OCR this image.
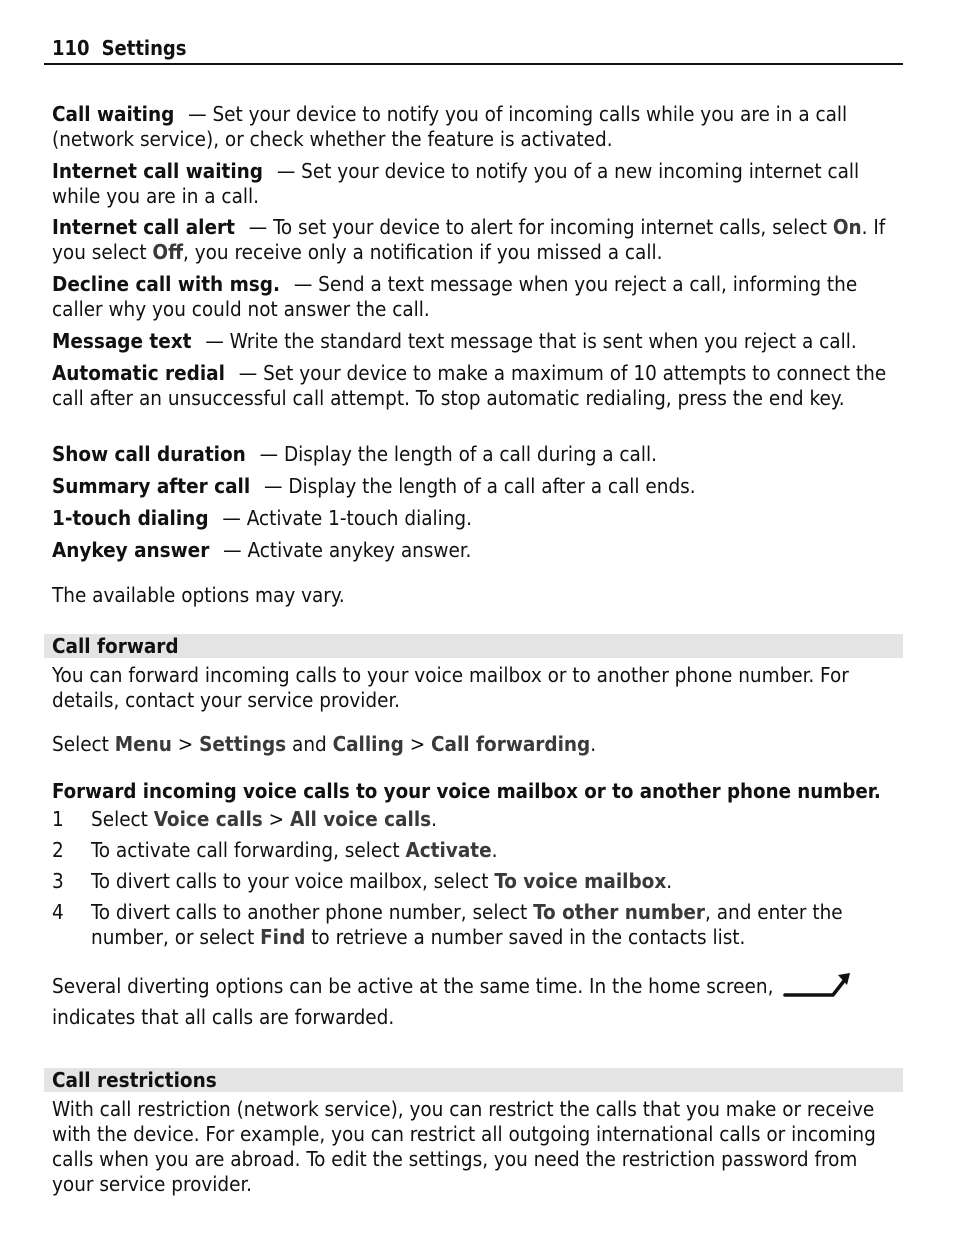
110 Settings
Call waiting — Set your device to notify you of incoming calls while you are in a call (network service), or check whether the feature is activated.
Internet call waiting — Set your device to notify you of a new incoming internet call while you are in a call.
Internet call alert — To set your device to alert for incoming internet calls, select On. If you select Off, you receive only a notification if you missed a call.
Decline call with msg. — Send a text message when you reject a call, informing the caller why you could not answer the call.
Message text — Write the standard text message that is sent when you reject a call.
Automatic redial — Set your device to make a maximum of 10 attempts to connect the call after an unsuccessful call attempt. To stop automatic redialing, press the end key.
Show call duration — Display the length of a call during a call.
Summary after call — Display the length of a call after a call ends.
1-touch dialing — Activate 1-touch dialing.
Anykey answer — Activate anykey answer.
The available options may vary.
Call forward
You can forward incoming calls to your voice mailbox or to another phone number. For details, contact your service provider.
Select Menu > Settings and Calling > Call forwarding.
Forward incoming voice calls to your voice mailbox or to another phone number.
1	Select Voice calls > All voice calls.
2	To activate call forwarding, select Activate.
3	To divert calls to your voice mailbox, select To voice mailbox.
4	To divert calls to another phone number, select To other number, and enter the number, or select Find to retrieve a number saved in the contacts list.
Several diverting options can be active at the same time. In the home screen,
indicates that all calls are forwarded.
Call restrictions
With call restriction (network service), you can restrict the calls that you make or receive with the device. For example, you can restrict all outgoing international calls or incoming calls when you are abroad. To edit the settings, you need the restriction password from your service provider.
